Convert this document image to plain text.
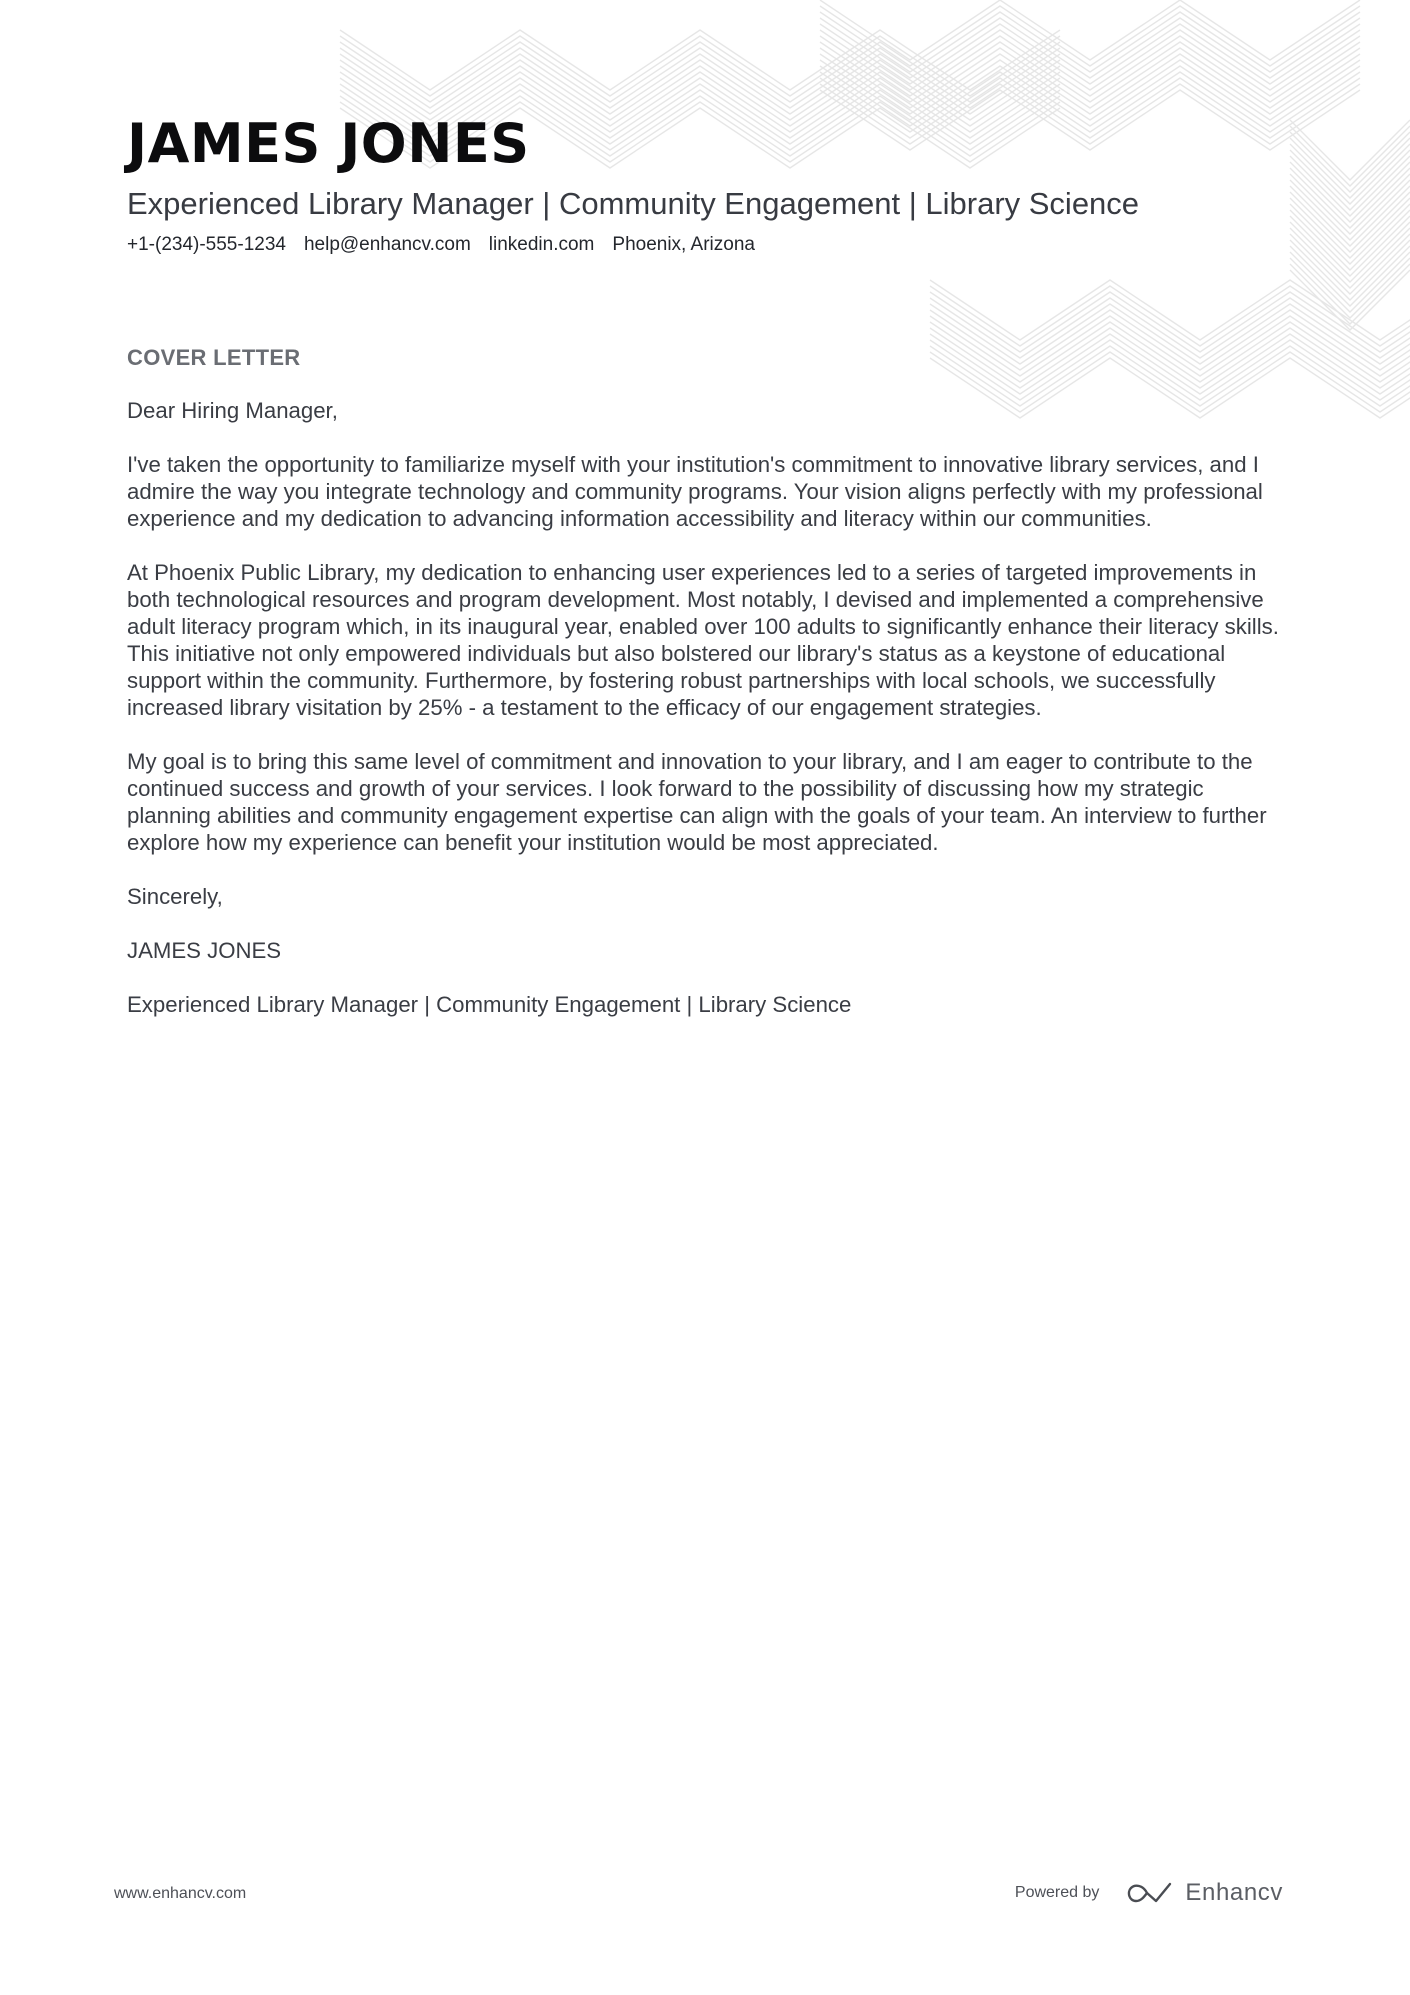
JAMES JONES
Experienced Library Manager | Community Engagement | Library Science
+1-(234)-555-1234 help@enhancv.com linkedin.com Phoenix, Arizona
COVER LETTER

Dear Hiring Manager,

I've taken the opportunity to familiarize myself with your institution's commitment to innovative library services, and I admire the way you integrate technology and community programs. Your vision aligns perfectly with my professional experience and my dedication to advancing information accessibility and literacy within our communities.

At Phoenix Public Library, my dedication to enhancing user experiences led to a series of targeted improvements in both technological resources and program development. Most notably, I devised and implemented a comprehensive adult literacy program which, in its inaugural year, enabled over 100 adults to significantly enhance their literacy skills. This initiative not only empowered individuals but also bolstered our library's status as a keystone of educational support within the community. Furthermore, by fostering robust partnerships with local schools, we successfully increased library visitation by 25% - a testament to the efficacy of our engagement strategies.

My goal is to bring this same level of commitment and innovation to your library, and I am eager to contribute to the continued success and growth of your services. I look forward to the possibility of discussing how my strategic planning abilities and community engagement expertise can align with the goals of your team. An interview to further explore how my experience can benefit your institution would be most appreciated.

Sincerely,

JAMES JONES

Experienced Library Manager | Community Engagement | Library Science

www.enhancv.com	Powered by	Enhancv
